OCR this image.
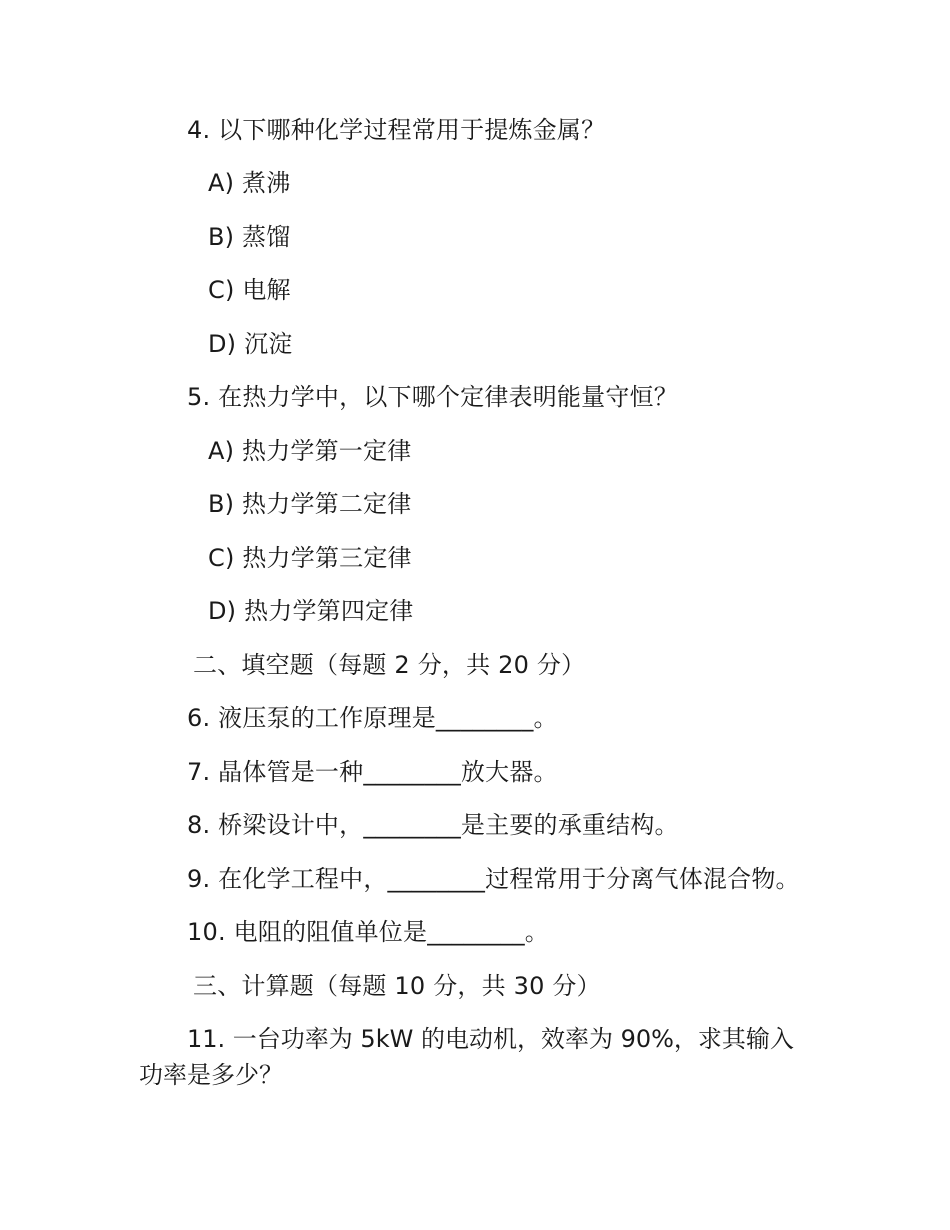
4. 以下哪种化学过程常用于提炼金属？
A) 煮沸
B) 蒸馏
C) 电解
D) 沉淀
5. 在热力学中，以下哪个定律表明能量守恒？
A) 热力学第一定律
B) 热力学第二定律
C) 热力学第三定律
D) 热力学第四定律
二、填空题（每题 2 分，共 20 分）
6. 液压泵的工作原理是________。
7. 晶体管是一种________放大器。
8. 桥梁设计中，________是主要的承重结构。
9. 在化学工程中，________过程常用于分离气体混合物。
10. 电阻的阻值单位是________。
三、计算题（每题 10 分，共 30 分）
11. 一台功率为 5kW 的电动机，效率为 90%，求其输入
功率是多少？
